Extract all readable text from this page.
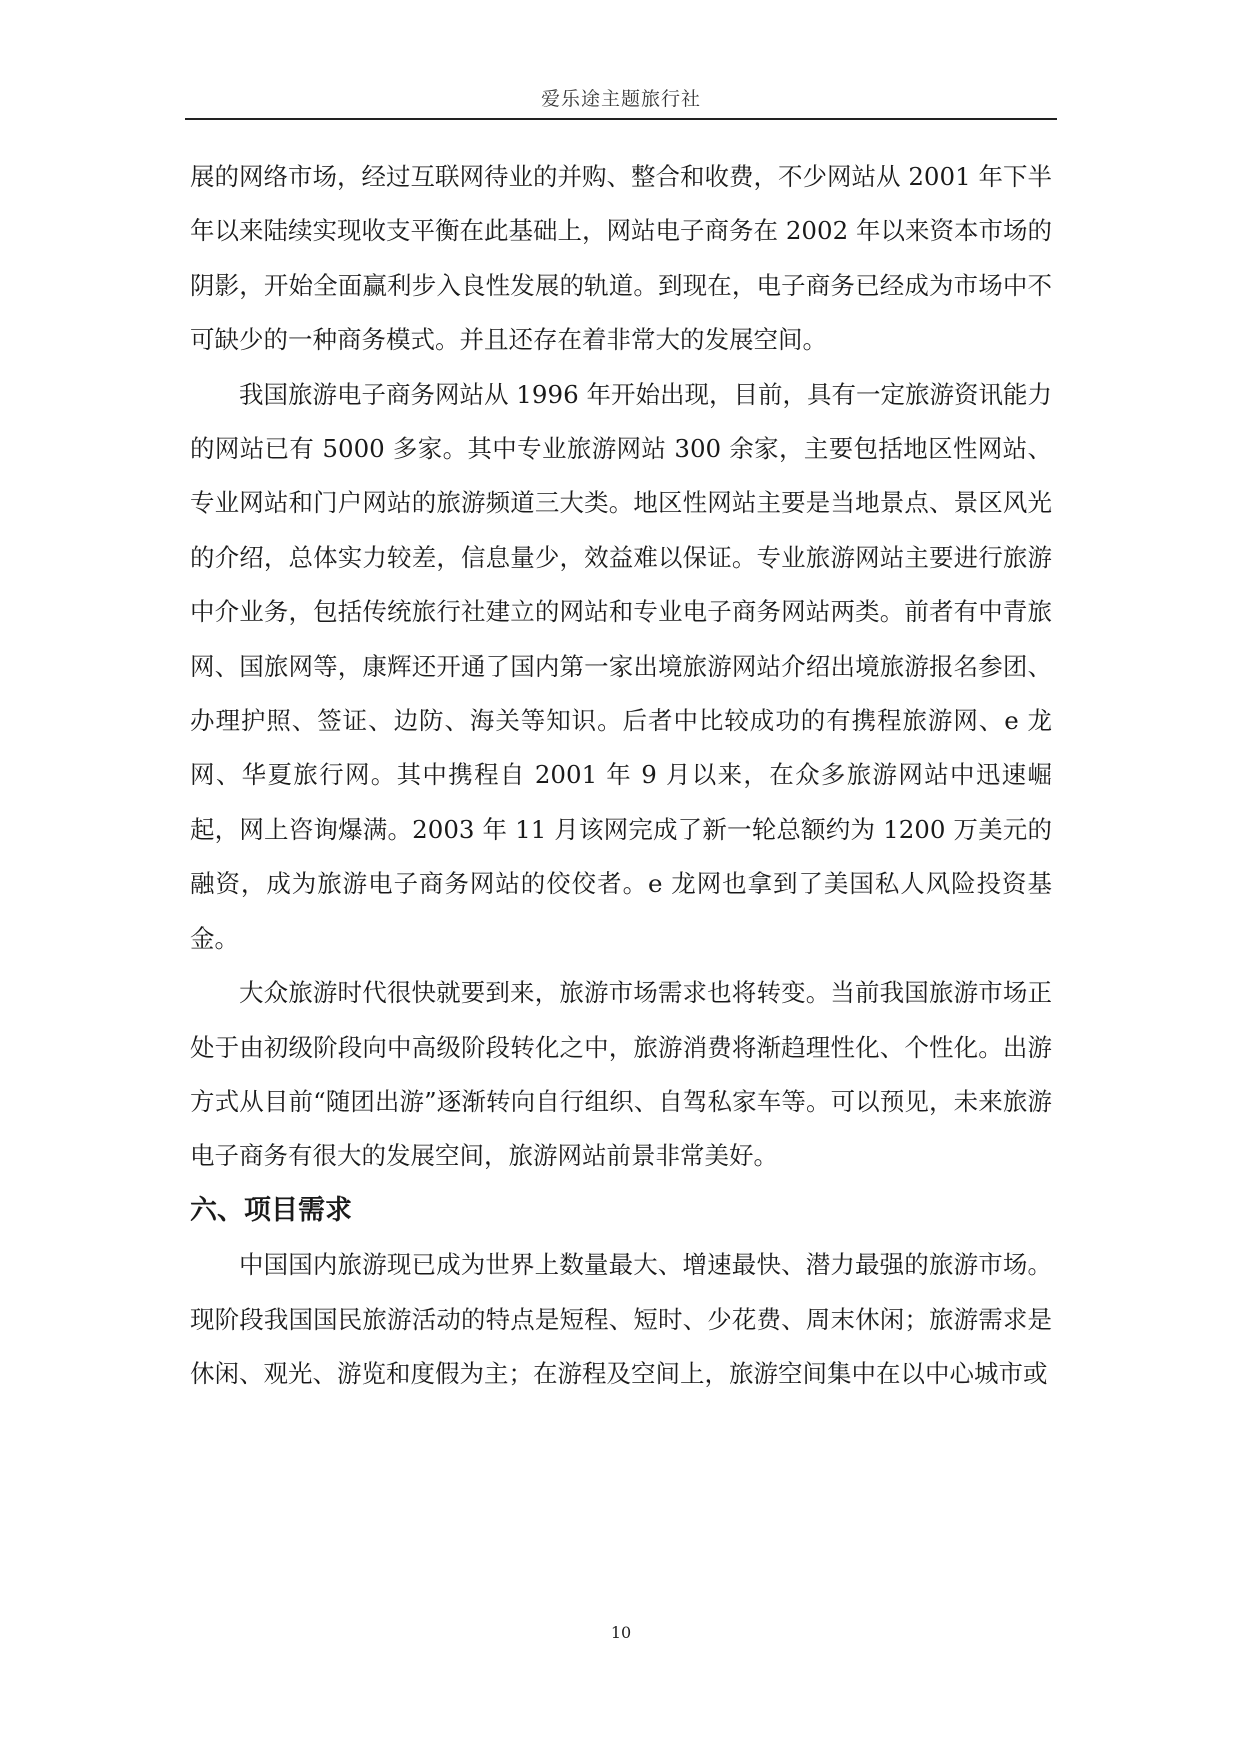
爱乐途主题旅行社

展的网络市场，经过互联网待业的并购、整合和收费，不少网站从 2001 年下半年以来陆续实现收支平衡在此基础上，网站电子商务在 2002 年以来资本市场的阴影，开始全面赢利步入良性发展的轨道。到现在，电子商务已经成为市场中不可缺少的一种商务模式。并且还存在着非常大的发展空间。

我国旅游电子商务网站从 1996 年开始出现，目前，具有一定旅游资讯能力的网站已有 5000 多家。其中专业旅游网站 300 余家，主要包括地区性网站、专业网站和门户网站的旅游频道三大类。地区性网站主要是当地景点、景区风光的介绍，总体实力较差，信息量少，效益难以保证。专业旅游网站主要进行旅游中介业务，包括传统旅行社建立的网站和专业电子商务网站两类。前者有中青旅网、国旅网等，康辉还开通了国内第一家出境旅游网站介绍出境旅游报名参团、办理护照、签证、边防、海关等知识。后者中比较成功的有携程旅游网、e 龙网、华夏旅行网。其中携程自 2001 年 9 月以来，在众多旅游网站中迅速崛起，网上咨询爆满。2003 年 11 月该网完成了新一轮总额约为 1200 万美元的融资，成为旅游电子商务网站的佼佼者。e 龙网也拿到了美国私人风险投资基金。

大众旅游时代很快就要到来，旅游市场需求也将转变。当前我国旅游市场正处于由初级阶段向中高级阶段转化之中，旅游消费将渐趋理性化、个性化。出游方式从目前“随团出游”逐渐转向自行组织、自驾私家车等。可以预见，未来旅游电子商务有很大的发展空间，旅游网站前景非常美好。

六、项目需求

中国国内旅游现已成为世界上数量最大、增速最快、潜力最强的旅游市场。现阶段我国国民旅游活动的特点是短程、短时、少花费、周末休闲；旅游需求是休闲、观光、游览和度假为主；在游程及空间上，旅游空间集中在以中心城市或

10
